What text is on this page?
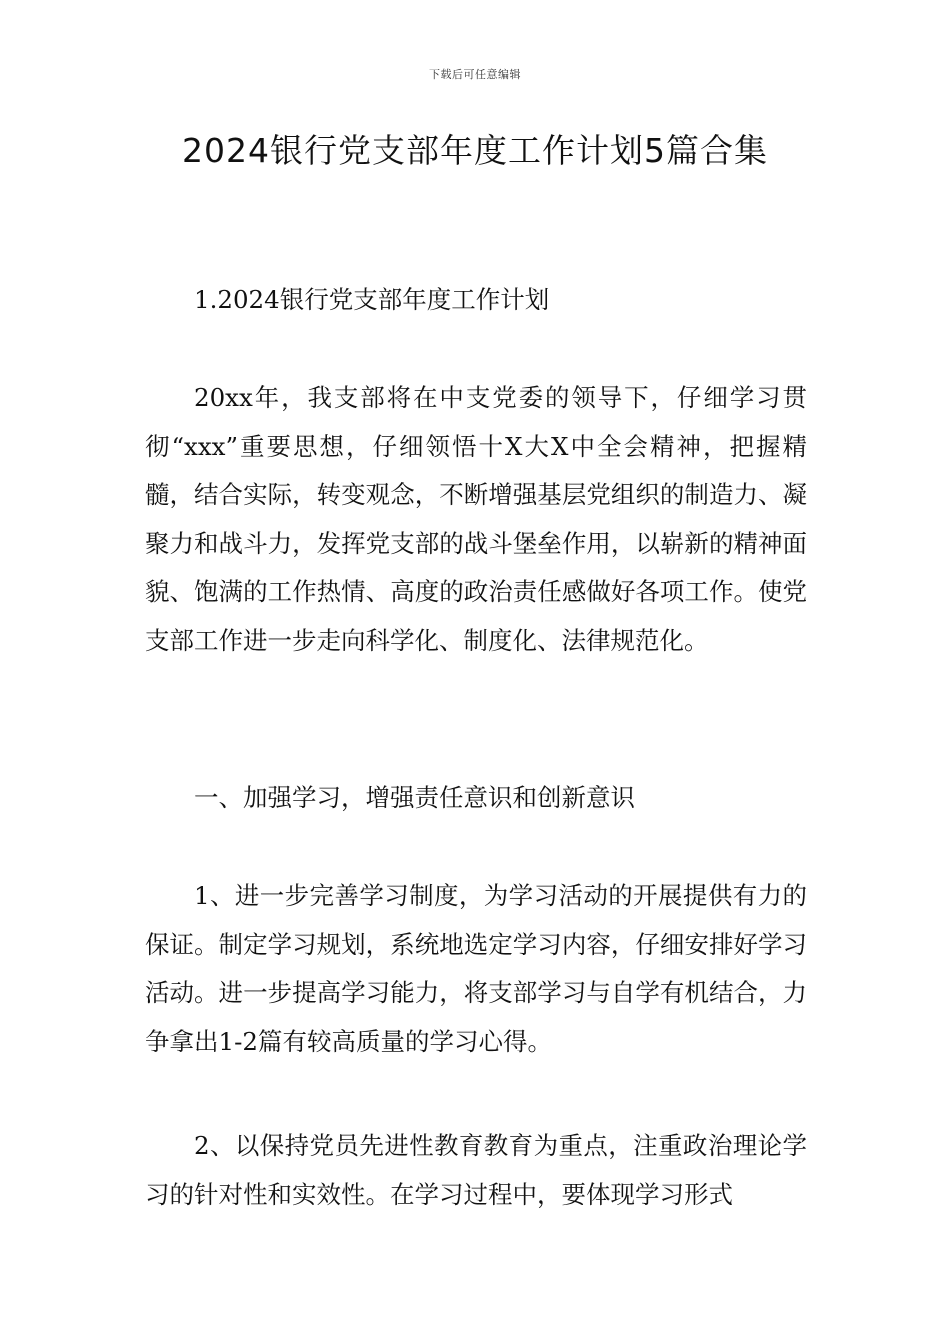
下载后可任意编辑
2024银行党支部年度工作计划5篇合集

1.2024银行党支部年度工作计划

20xx年，我支部将在中支党委的领导下，仔细学习贯彻“xxx”重要思想，仔细领悟十X大X中全会精神，把握精髓，结合实际，转变观念，不断增强基层党组织的制造力、凝聚力和战斗力，发挥党支部的战斗堡垒作用，以崭新的精神面貌、饱满的工作热情、高度的政治责任感做好各项工作。使党支部工作进一步走向科学化、制度化、法律规范化。

一、加强学习，增强责任意识和创新意识

1、进一步完善学习制度，为学习活动的开展提供有力的保证。制定学习规划，系统地选定学习内容，仔细安排好学习活动。进一步提高学习能力，将支部学习与自学有机结合，力争拿出1-2篇有较高质量的学习心得。

2、以保持党员先进性教育教育为重点，注重政治理论学习的针对性和实效性。在学习过程中，要体现学习形式
